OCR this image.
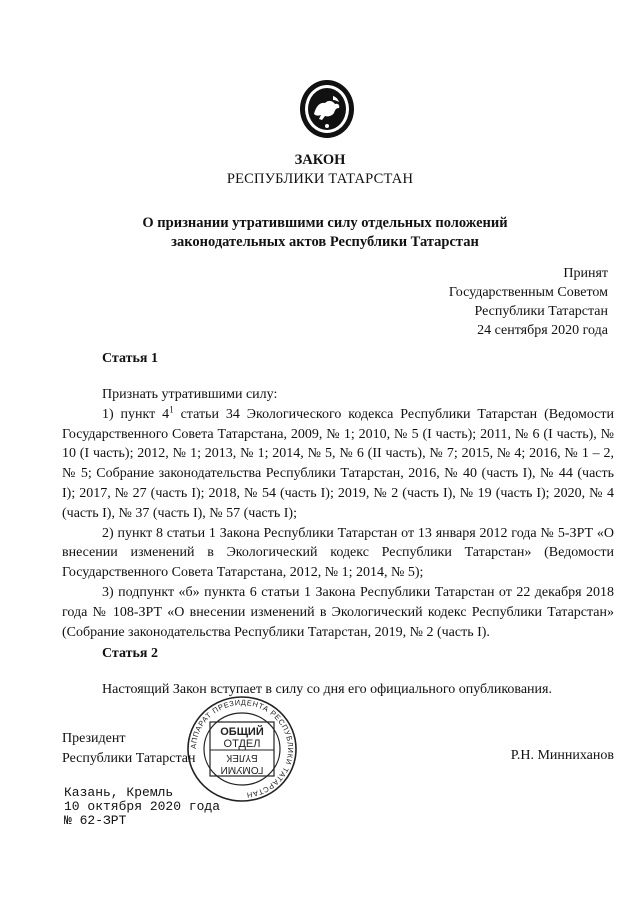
ЗАКОН
РЕСПУБЛИКИ ТАТАРСТАН
О признании утратившими силу отдельных положений
законодательных актов Республики Татарстан
Принят
Государственным Советом
Республики Татарстан
24 сентября 2020 года
Статья 1

Признать утратившими силу:

1) пункт $4^1$ статьи 34 Экологического кодекса Республики Татарстан (Ведомости Государственного Совета Татарстана, 2009, № 1; 2010, № 5 (I часть); 2011, № 6 (I часть), № 10 (I часть); 2012, № 1; 2013, № 1; 2014, № 5, № 6 (II часть), № 7; 2015, № 4; 2016, № 1 – 2, № 5; Собрание законодательства Республики Татарстан, 2016, № 40 (часть I), № 44 (часть I); 2017, № 27 (часть I); 2018, № 54 (часть I); 2019, № 2 (часть I), № 19 (часть I); 2020, № 4 (часть I), № 37 (часть I), № 57 (часть I);

2) пункт 8 статьи 1 Закона Республики Татарстан от 13 января 2012 года № 5-ЗРТ «О внесении изменений в Экологический кодекс Республики Татарстан» (Ведомости Государственного Совета Татарстана, 2012, № 1; 2014, № 5);

3) подпункт «б» пункта 6 статьи 1 Закона Республики Татарстан от 22 декабря 2018 года № 108-ЗРТ «О внесении изменений в Экологический кодекс Республики Татарстан» (Собрание законодательства Республики Татарстан, 2019, № 2 (часть I).

Статья 2

Настоящий Закон вступает в силу со дня его официального опубликования.

Президент
Республики Татарстан	Р.Н. Минниханов
АППАРАТ ПРЕЗИДЕНТА РЕСПУБЛИКИ ТАТАРСТАН
ОБЩИЙ
ОТДЕЛ
ГОМУМИ
БҮЛЕК
Казань, Кремль
10 октября 2020 года
№ 62-ЗРТ
